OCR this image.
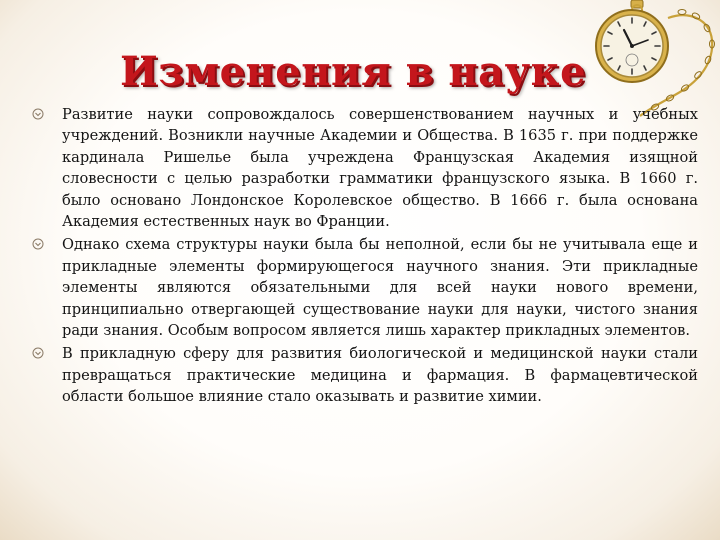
Изменения в науке

Развитие науки сопровождалось совершенствованием научных и учебных учреждений. Возникли научные Академии и Общества. В 1635 г. при поддержке кардинала Ришелье была учреждена Французская Академия изящной словесности с целью разработки грамматики французского языка. В 1660 г. было основано Лондонское Королевское общество. В 1666 г. была основана Академия естественных наук во Франции.

Однако схема структуры науки была бы неполной, если бы не учитывала еще и прикладные элементы формирующегося научного знания. Эти прикладные элементы являются обязательными для всей науки нового времени, принципиально отвергающей существование науки для науки, чистого знания ради знания. Особым вопросом является лишь характер прикладных элементов.

В прикладную сферу для развития биологической и медицинской науки стали превращаться практические медицина и фармация. В фармацевтической области большое влияние стало оказывать и развитие химии.
